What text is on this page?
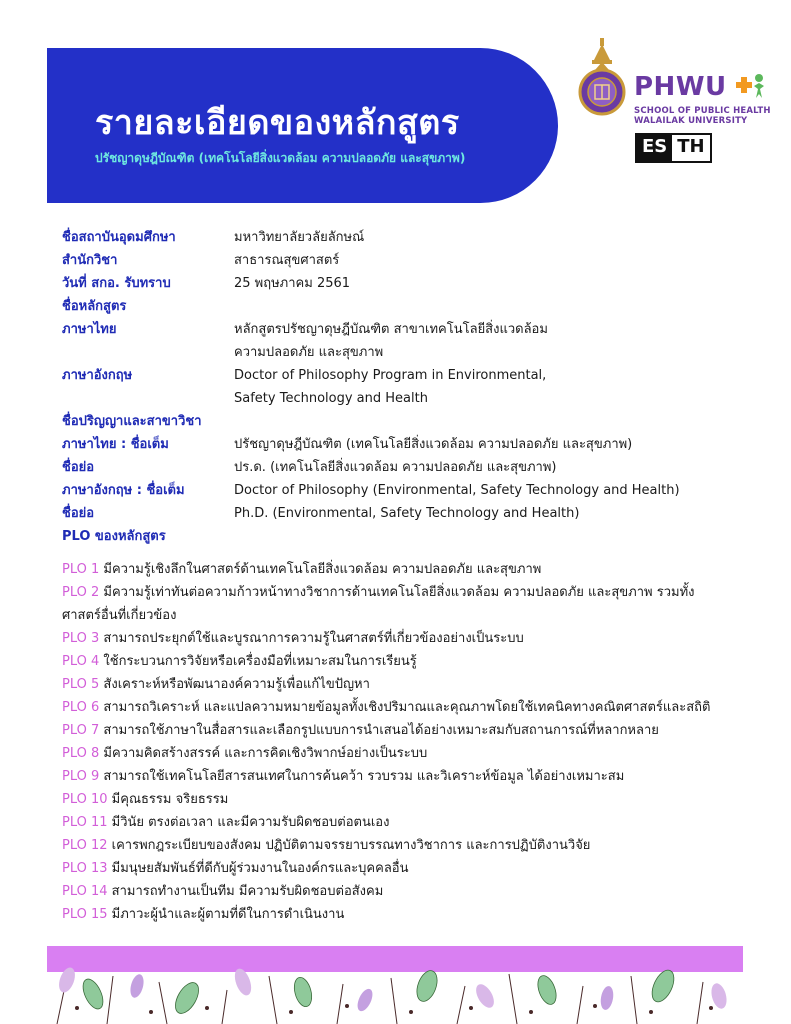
รายละเอียดของหลักสูตร
ปรัชญาดุษฎีบัณฑิต (เทคโนโลยีสิ่งแวดล้อม ความปลอดภัย และสุขภาพ)
PHWU
SCHOOL OF PUBLIC HEALTH
WALAILAK UNIVERSITY
ES TH
ชื่อสถาบันอุดมศึกษา	มหาวิทยาลัยวลัยลักษณ์
สำนักวิชา	สาธารณสุขศาสตร์
วันที่ สกอ. รับทราบ	25 พฤษภาคม 2561
ชื่อหลักสูตร
ภาษาไทย	หลักสูตรปรัชญาดุษฎีบัณฑิต สาขาเทคโนโลยีสิ่งแวดล้อม
ความปลอดภัย และสุขภาพ
ภาษาอังกฤษ	Doctor of Philosophy Program in Environmental,
Safety Technology and Health
ชื่อปริญญาและสาขาวิชา
ภาษาไทย : ชื่อเต็ม	ปรัชญาดุษฎีบัณฑิต (เทคโนโลยีสิ่งแวดล้อม ความปลอดภัย และสุขภาพ)
ชื่อย่อ	ปร.ด. (เทคโนโลยีสิ่งแวดล้อม ความปลอดภัย และสุขภาพ)
ภาษาอังกฤษ : ชื่อเต็ม	Doctor of Philosophy (Environmental, Safety Technology and Health)
ชื่อย่อ	Ph.D. (Environmental, Safety Technology and Health)
PLO ของหลักสูตร
PLO 1 มีความรู้เชิงลึกในศาสตร์ด้านเทคโนโลยีสิ่งแวดล้อม ความปลอดภัย และสุขภาพ
PLO 2 มีความรู้เท่าทันต่อความก้าวหน้าทางวิชาการด้านเทคโนโลยีสิ่งแวดล้อม ความปลอดภัย และสุขภาพ รวมทั้ง
ศาสตร์อื่นที่เกี่ยวข้อง
PLO 3 สามารถประยุกต์ใช้และบูรณาการความรู้ในศาสตร์ที่เกี่ยวข้องอย่างเป็นระบบ
PLO 4 ใช้กระบวนการวิจัยหรือเครื่องมือที่เหมาะสมในการเรียนรู้
PLO 5 สังเคราะห์หรือพัฒนาองค์ความรู้เพื่อแก้ไขปัญหา
PLO 6 สามารถวิเคราะห์ และแปลความหมายข้อมูลทั้งเชิงปริมาณและคุณภาพโดยใช้เทคนิคทางคณิตศาสตร์และสถิติ
PLO 7 สามารถใช้ภาษาในสื่อสารและเลือกรูปแบบการนำเสนอได้อย่างเหมาะสมกับสถานการณ์ที่หลากหลาย
PLO 8 มีความคิดสร้างสรรค์ และการคิดเชิงวิพากษ์อย่างเป็นระบบ
PLO 9 สามารถใช้เทคโนโลยีสารสนเทศในการค้นคว้า รวบรวม และวิเคราะห์ข้อมูล ได้อย่างเหมาะสม
PLO 10 มีคุณธรรม จริยธรรม
PLO 11 มีวินัย ตรงต่อเวลา และมีความรับผิดชอบต่อตนเอง
PLO 12 เคารพกฎระเบียบของสังคม ปฏิบัติตามจรรยาบรรณทางวิชาการ และการปฏิบัติงานวิจัย
PLO 13 มีมนุษยสัมพันธ์ที่ดีกับผู้ร่วมงานในองค์กรและบุคคลอื่น
PLO 14 สามารถทำงานเป็นทีม มีความรับผิดชอบต่อสังคม
PLO 15 มีภาวะผู้นำและผู้ตามที่ดีในการดำเนินงาน
